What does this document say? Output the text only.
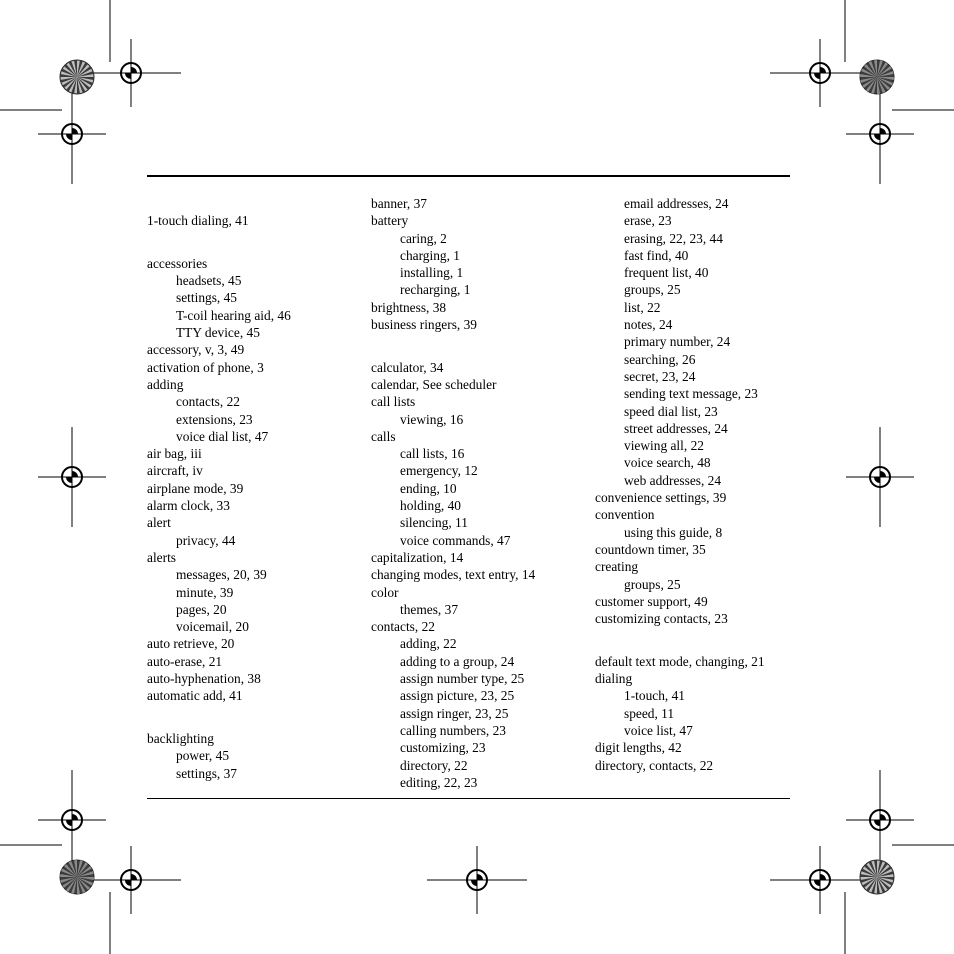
1-touch dialing, 41
accessories
headsets, 45
settings, 45
T-coil hearing aid, 46
TTY device, 45
accessory, v, 3, 49
activation of phone, 3
adding
contacts, 22
extensions, 23
voice dial list, 47
air bag, iii
aircraft, iv
airplane mode, 39
alarm clock, 33
alert
privacy, 44
alerts
messages, 20, 39
minute, 39
pages, 20
voicemail, 20
auto retrieve, 20
auto-erase, 21
auto-hyphenation, 38
automatic add, 41
backlighting
power, 45
settings, 37
banner, 37
battery
caring, 2
charging, 1
installing, 1
recharging, 1
brightness, 38
business ringers, 39
calculator, 34
calendar, See scheduler
call lists
viewing, 16
calls
call lists, 16
emergency, 12
ending, 10
holding, 40
silencing, 11
voice commands, 47
capitalization, 14
changing modes, text entry, 14
color
themes, 37
contacts, 22
adding, 22
adding to a group, 24
assign number type, 25
assign picture, 23, 25
assign ringer, 23, 25
calling numbers, 23
customizing, 23
directory, 22
editing, 22, 23
email addresses, 24
erase, 23
erasing, 22, 23, 44
fast find, 40
frequent list, 40
groups, 25
list, 22
notes, 24
primary number, 24
searching, 26
secret, 23, 24
sending text message, 23
speed dial list, 23
street addresses, 24
viewing all, 22
voice search, 48
web addresses, 24
convenience settings, 39
convention
using this guide, 8
countdown timer, 35
creating
groups, 25
customer support, 49
customizing contacts, 23
default text mode, changing, 21
dialing
1-touch, 41
speed, 11
voice list, 47
digit lengths, 42
directory, contacts, 22
